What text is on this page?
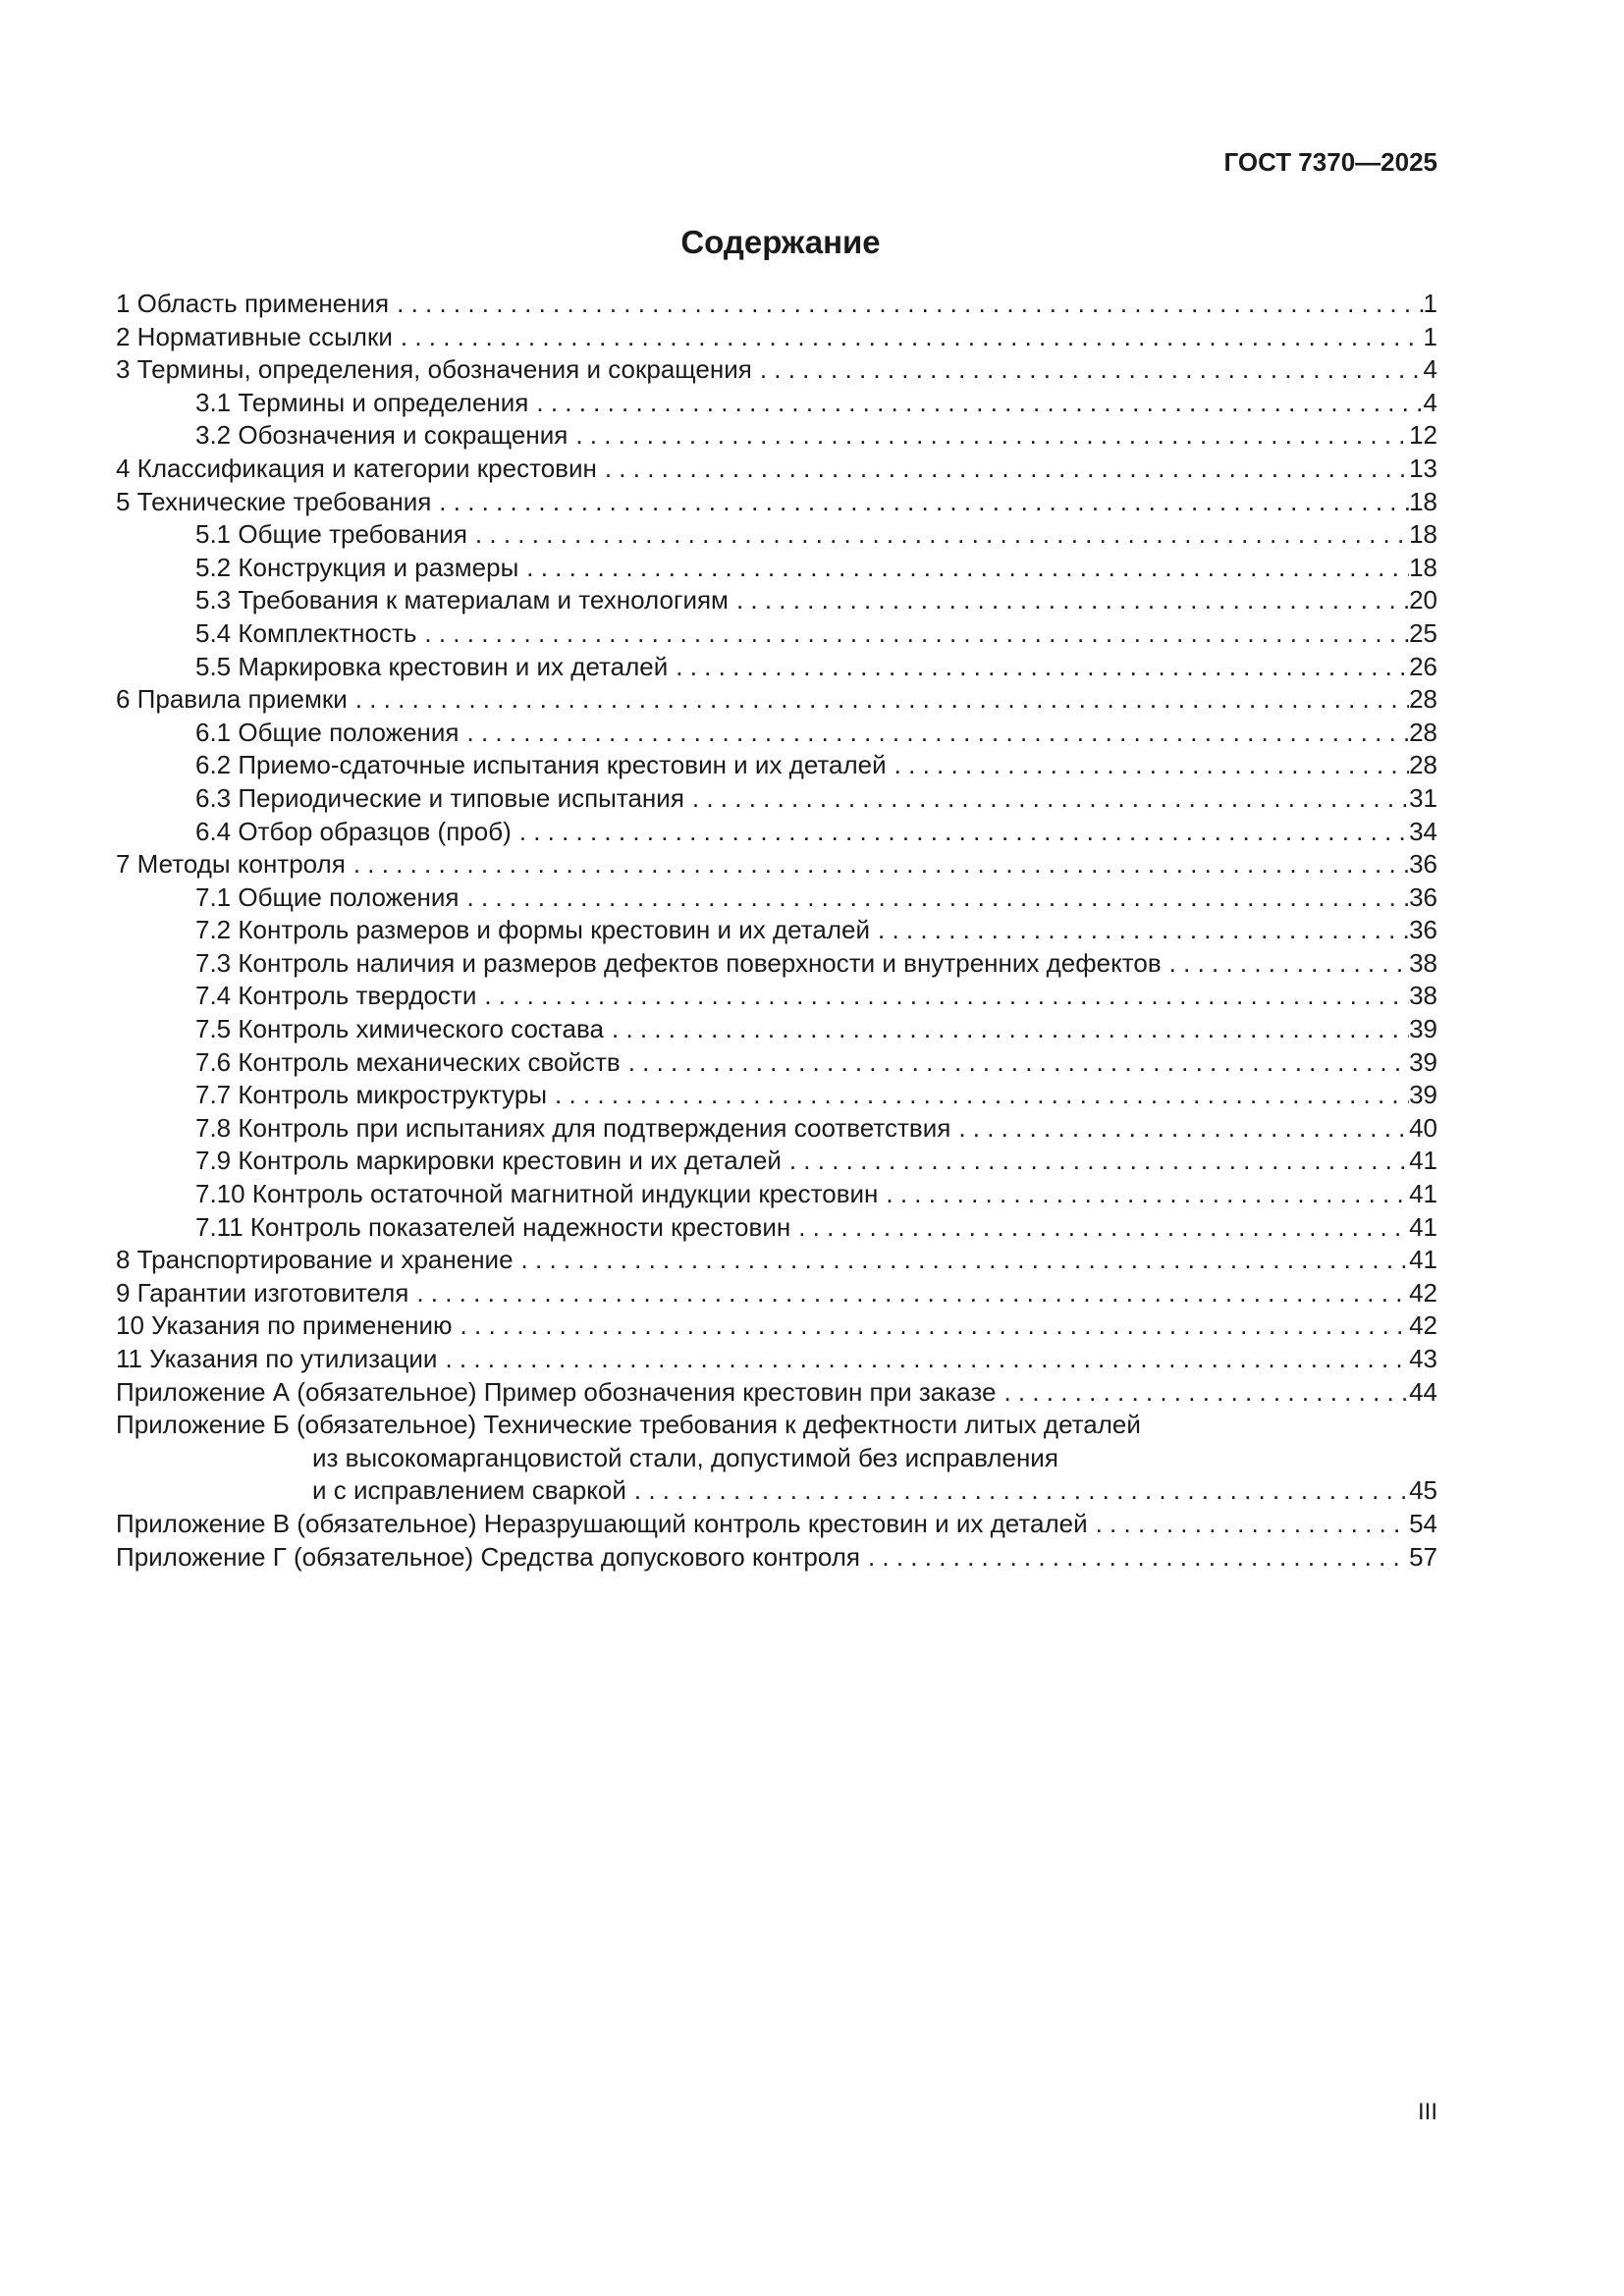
ГОСТ 7370—2025
Содержание
1 Область применения . . .	1
2 Нормативные ссылки . . .	1
3 Термины, определения, обозначения и сокращения . . .	4
3.1 Термины и определения . . .	4
3.2 Обозначения и сокращения . . .	12
4 Классификация и категории крестовин . . .	13
5 Технические требования . . .	18
5.1 Общие требования . . .	18
5.2 Конструкция и размеры . . .	18
5.3 Требования к материалам и технологиям . . .	20
5.4 Комплектность . . .	25
5.5 Маркировка крестовин и их деталей . . .	26
6 Правила приемки . . .	28
6.1 Общие положения . . .	28
6.2 Приемо-сдаточные испытания крестовин и их деталей . . .	28
6.3 Периодические и типовые испытания . . .	31
6.4 Отбор образцов (проб) . . .	34
7 Методы контроля . . .	36
7.1 Общие положения . . .	36
7.2 Контроль размеров и формы крестовин и их деталей . . .	36
7.3 Контроль наличия и размеров дефектов поверхности и внутренних дефектов . . .	38
7.4 Контроль твердости . . .	38
7.5 Контроль химического состава . . .	39
7.6 Контроль механических свойств . . .	39
7.7 Контроль микроструктуры . . .	39
7.8 Контроль при испытаниях для подтверждения соответствия . . .	40
7.9 Контроль маркировки крестовин и их деталей . . .	41
7.10 Контроль остаточной магнитной индукции крестовин . . .	41
7.11 Контроль показателей надежности крестовин . . .	41
8 Транспортирование и хранение . . .	41
9 Гарантии изготовителя . . .	42
10 Указания по применению . . .	42
11 Указания по утилизации . . .	43
Приложение А (обязательное) Пример обозначения крестовин при заказе . . .	44
Приложение Б (обязательное) Технические требования к дефектности литых деталей
из высокомарганцовистой стали, допустимой без исправления
и с исправлением сваркой . . .	45
Приложение В (обязательное) Неразрушающий контроль крестовин и их деталей . . .	54
Приложение Г (обязательное) Средства допускового контроля . . .	57
III
